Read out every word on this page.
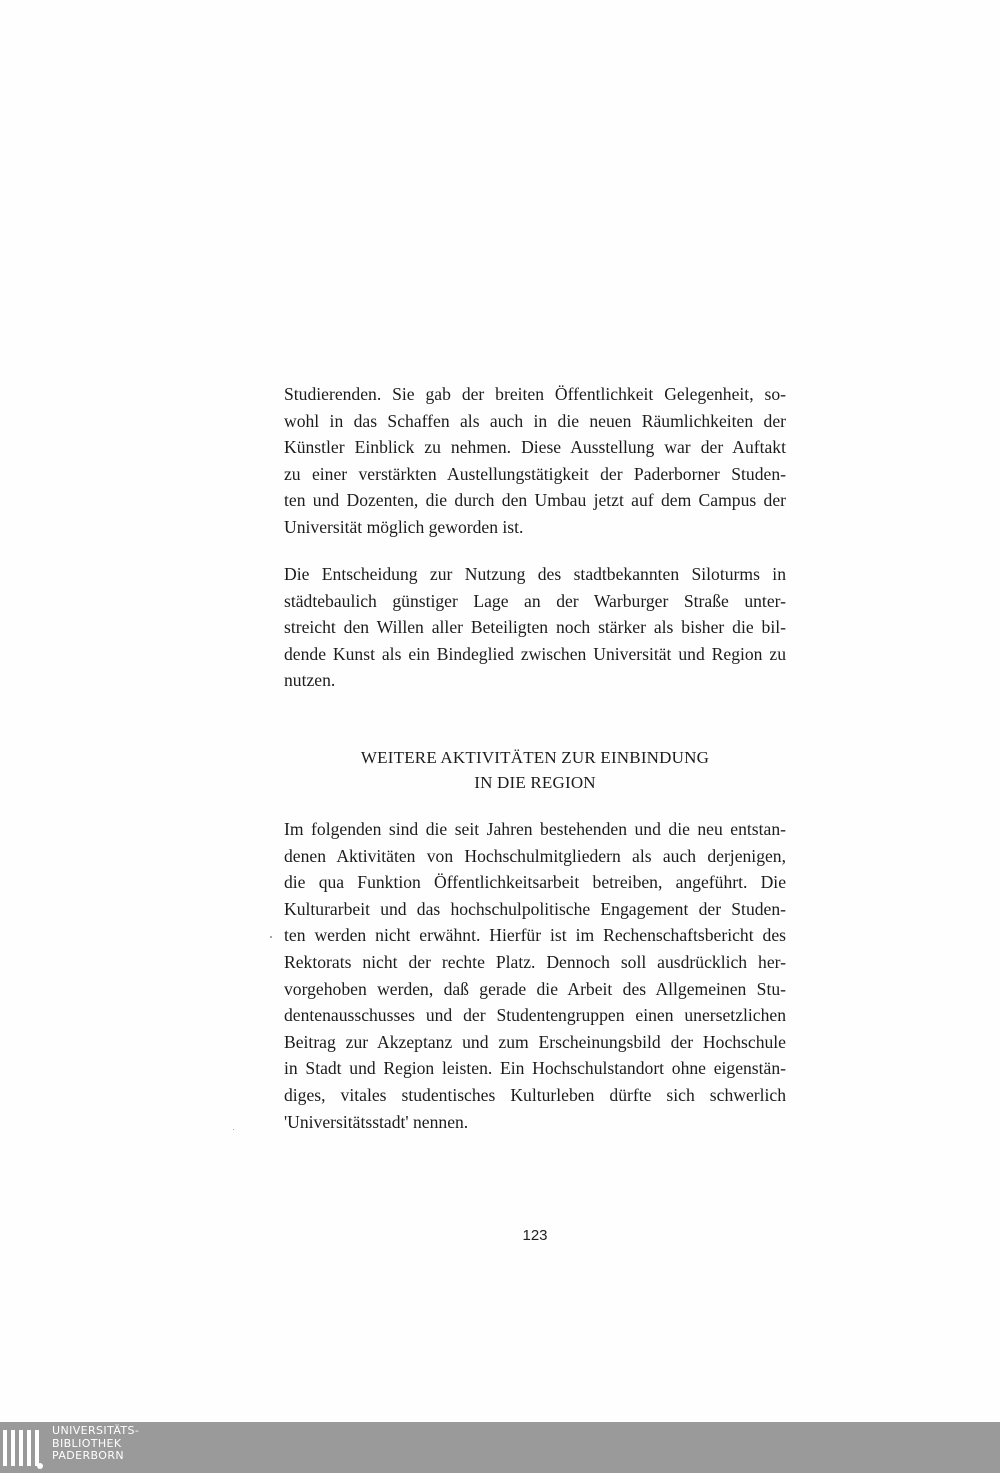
Studierenden. Sie gab der breiten Öffentlichkeit Gelegenheit, so-
wohl in das Schaffen als auch in die neuen Räumlichkeiten der
Künstler Einblick zu nehmen. Diese Ausstellung war der Auftakt
zu einer verstärkten Austellungstätigkeit der Paderborner Studen-
ten und Dozenten, die durch den Umbau jetzt auf dem Campus der
Universität möglich geworden ist.
Die Entscheidung zur Nutzung des stadtbekannten Siloturms in
städtebaulich günstiger Lage an der Warburger Straße unter-
streicht den Willen aller Beteiligten noch stärker als bisher die bil-
dende Kunst als ein Bindeglied zwischen Universität und Region zu
nutzen.
WEITERE AKTIVITÄTEN ZUR EINBINDUNG
IN DIE REGION
Im folgenden sind die seit Jahren bestehenden und die neu entstan-
denen Aktivitäten von Hochschulmitgliedern als auch derjenigen,
die qua Funktion Öffentlichkeitsarbeit betreiben, angeführt. Die
Kulturarbeit und das hochschulpolitische Engagement der Studen-
ten werden nicht erwähnt. Hierfür ist im Rechenschaftsbericht des
Rektorats nicht der rechte Platz. Dennoch soll ausdrücklich her-
vorgehoben werden, daß gerade die Arbeit des Allgemeinen Stu-
dentenausschusses und der Studentengruppen einen unersetzlichen
Beitrag zur Akzeptanz und zum Erscheinungsbild der Hochschule
in Stadt und Region leisten. Ein Hochschulstandort ohne eigenstän-
diges, vitales studentisches Kulturleben dürfte sich schwerlich
'Universitätsstadt' nennen.
123
UNIVERSITÄTS-
BIBLIOTHEK
PADERBORN
